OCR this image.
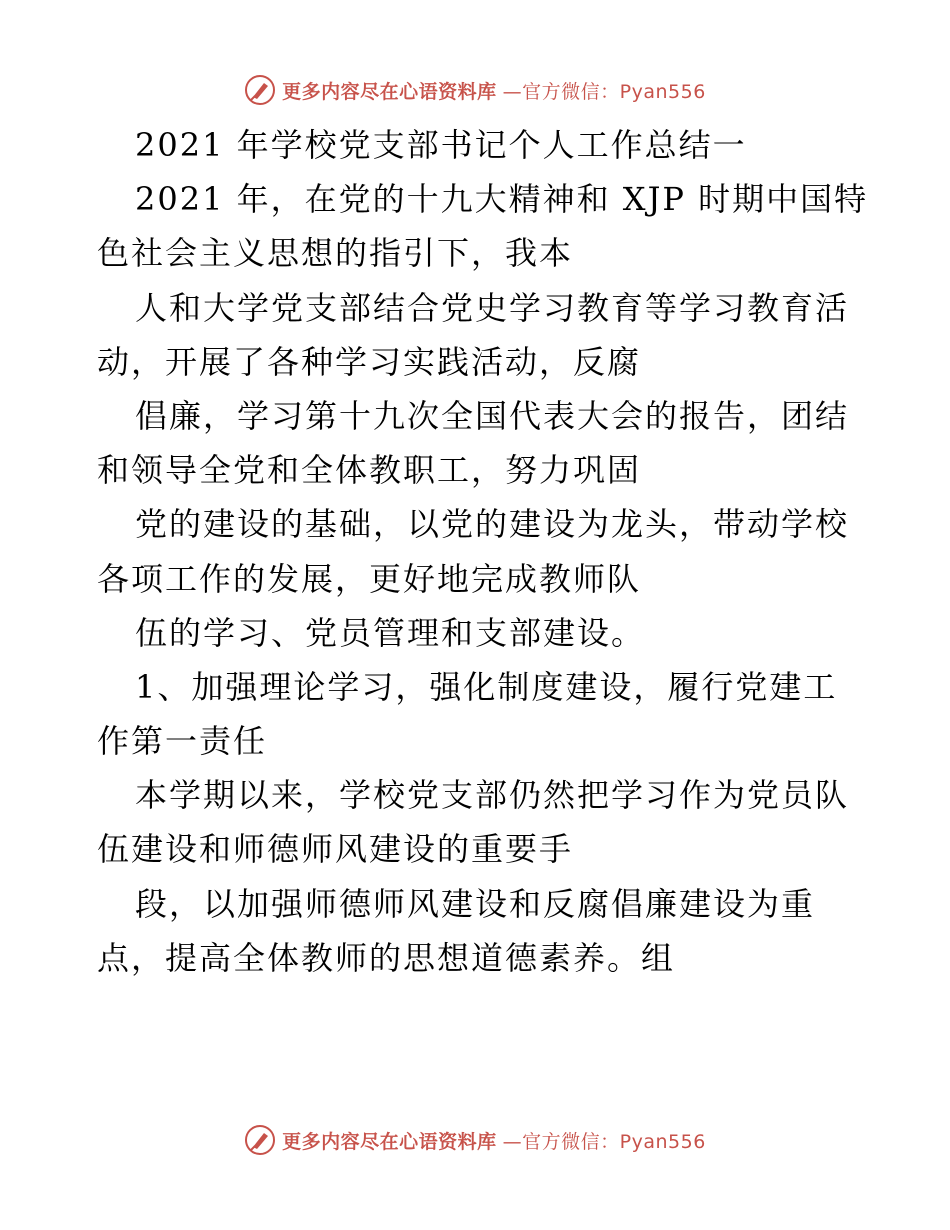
更多内容尽在心语资料库 —官方微信：Pyan556
2021 年学校党支部书记个人工作总结一
2021 年，在党的十九大精神和 XJP 时期中国特
色社会主义思想的指引下，我本
人和大学党支部结合党史学习教育等学习教育活
动，开展了各种学习实践活动，反腐
倡廉，学习第十九次全国代表大会的报告，团结
和领导全党和全体教职工，努力巩固
党的建设的基础，以党的建设为龙头，带动学校
各项工作的发展，更好地完成教师队
伍的学习、党员管理和支部建设。
1、加强理论学习，强化制度建设，履行党建工
作第一责任
本学期以来，学校党支部仍然把学习作为党员队
伍建设和师德师风建设的重要手
段，以加强师德师风建设和反腐倡廉建设为重
点，提高全体教师的思想道德素养。组
更多内容尽在心语资料库 —官方微信：Pyan556
